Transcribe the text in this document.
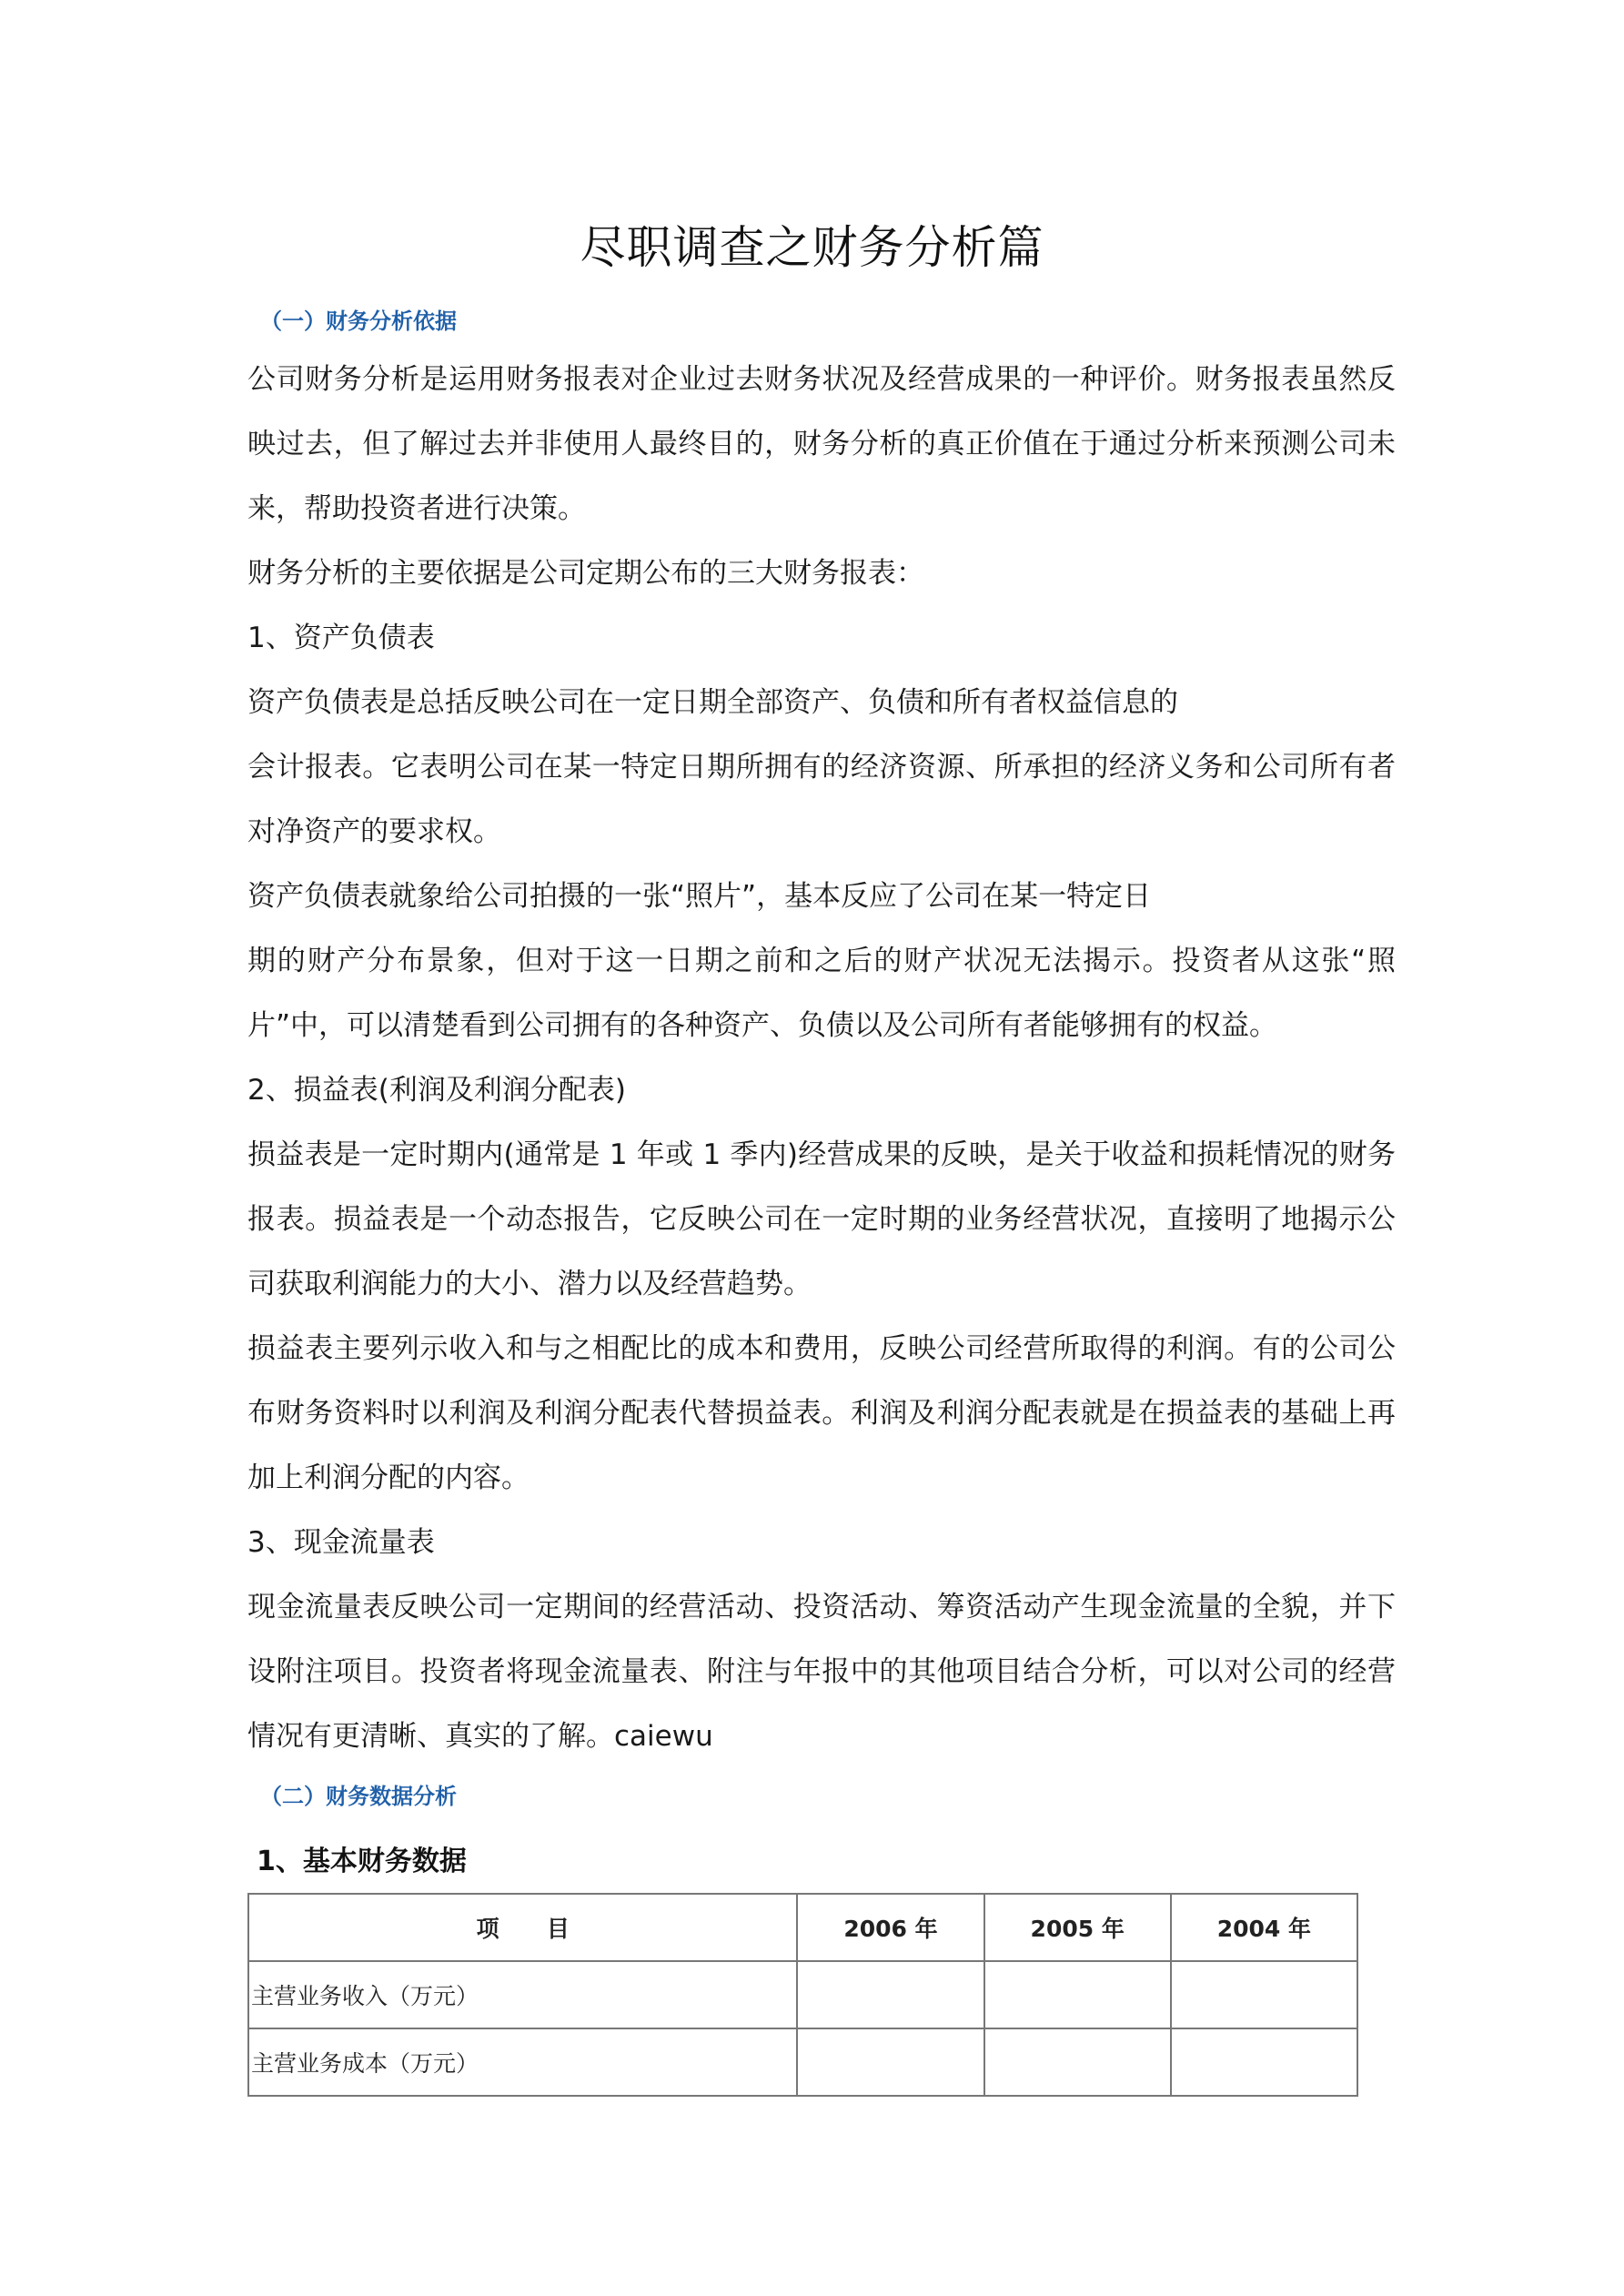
尽职调查之财务分析篇
（一）财务分析依据

公司财务分析是运用财务报表对企业过去财务状况及经营成果的一种评价。财务报表虽然反映过去，但了解过去并非使用人最终目的，财务分析的真正价值在于通过分析来预测公司未来，帮助投资者进行决策。

财务分析的主要依据是公司定期公布的三大财务报表：

1、资产负债表

资产负债表是总括反映公司在一定日期全部资产、负债和所有者权益信息的

会计报表。它表明公司在某一特定日期所拥有的经济资源、所承担的经济义务和公司所有者对净资产的要求权。

资产负债表就象给公司拍摄的一张“照片”，基本反应了公司在某一特定日

期的财产分布景象，但对于这一日期之前和之后的财产状况无法揭示。投资者从这张“照片”中，可以清楚看到公司拥有的各种资产、负债以及公司所有者能够拥有的权益。

2、损益表(利润及利润分配表)

损益表是一定时期内(通常是 1 年或 1 季内)经营成果的反映，是关于收益和损耗情况的财务报表。损益表是一个动态报告，它反映公司在一定时期的业务经营状况，直接明了地揭示公司获取利润能力的大小、潜力以及经营趋势。

损益表主要列示收入和与之相配比的成本和费用，反映公司经营所取得的利润。有的公司公布财务资料时以利润及利润分配表代替损益表。利润及利润分配表就是在损益表的基础上再加上利润分配的内容。

3、现金流量表

现金流量表反映公司一定期间的经营活动、投资活动、筹资活动产生现金流量的全貌，并下设附注项目。投资者将现金流量表、附注与年报中的其他项目结合分析，可以对公司的经营情况有更清晰、真实的了解。caiewu

（二）财务数据分析
1、基本财务数据
项      目	2006 年	2005 年	2004 年
主营业务收入（万元）			
主营业务成本（万元）			
